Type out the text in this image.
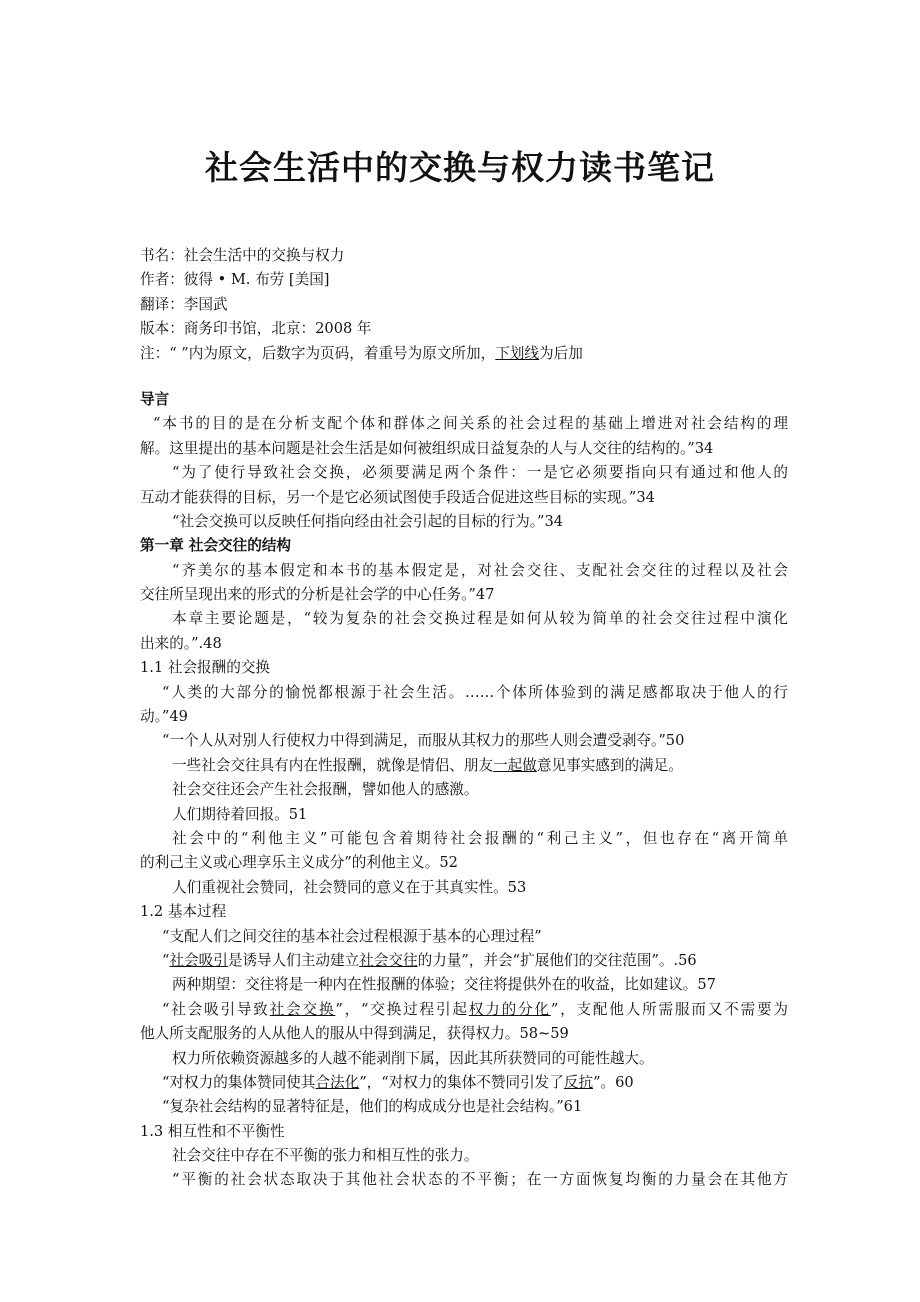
社会生活中的交换与权力读书笔记
书名：社会生活中的交换与权力
作者：彼得 • M. 布劳 [美国]
翻译：李国武
版本：商务印书馆，北京：2008 年
注：“ ”内为原文，后数字为页码，着重号为原文所加，下划线为后加
导言
“本书的目的是在分析支配个体和群体之间关系的社会过程的基础上增进对社会结构的理
解。这里提出的基本问题是社会生活是如何被组织成日益复杂的人与人交往的结构的。”34
“为了使行导致社会交换，必须要满足两个条件：一是它必须要指向只有通过和他人的
互动才能获得的目标，另一个是它必须试图使手段适合促进这些目标的实现。”34
“社会交换可以反映任何指向经由社会引起的目标的行为。”34
第一章 社会交往的结构
“齐美尔的基本假定和本书的基本假定是，对社会交往、支配社会交往的过程以及社会
交往所呈现出来的形式的分析是社会学的中心任务。”47
本章主要论题是，“较为复杂的社会交换过程是如何从较为简单的社会交往过程中演化
出来的。”.48
1.1 社会报酬的交换
“人类的大部分的愉悦都根源于社会生活。……个体所体验到的满足感都取决于他人的行
动。”49
“一个人从对别人行使权力中得到满足，而服从其权力的那些人则会遭受剥夺。”50
一些社会交往具有内在性报酬，就像是情侣、朋友一起做意见事实感到的满足。
社会交往还会产生社会报酬，譬如他人的感激。
人们期待着回报。51
社会中的“利他主义”可能包含着期待社会报酬的“利己主义”，但也存在“离开简单
的利己主义或心理享乐主义成分”的利他主义。52
人们重视社会赞同，社会赞同的意义在于其真实性。53
1.2 基本过程
“支配人们之间交往的基本社会过程根源于基本的心理过程”
“社会吸引是诱导人们主动建立社会交往的力量”，并会“扩展他们的交往范围”。.56
两种期望：交往将是一种内在性报酬的体验；交往将提供外在的收益，比如建议。57
“社会吸引导致社会交换”，“交换过程引起权力的分化”，支配他人所需服而又不需要为
他人所支配服务的人从他人的服从中得到满足，获得权力。58~59
权力所依赖资源越多的人越不能剥削下属，因此其所获赞同的可能性越大。
“对权力的集体赞同使其合法化”，“对权力的集体不赞同引发了反抗”。60
“复杂社会结构的显著特征是，他们的构成成分也是社会结构。”61
1.3 相互性和不平衡性
社会交往中存在不平衡的张力和相互性的张力。
“平衡的社会状态取决于其他社会状态的不平衡；在一方面恢复均衡的力量会在其他方
